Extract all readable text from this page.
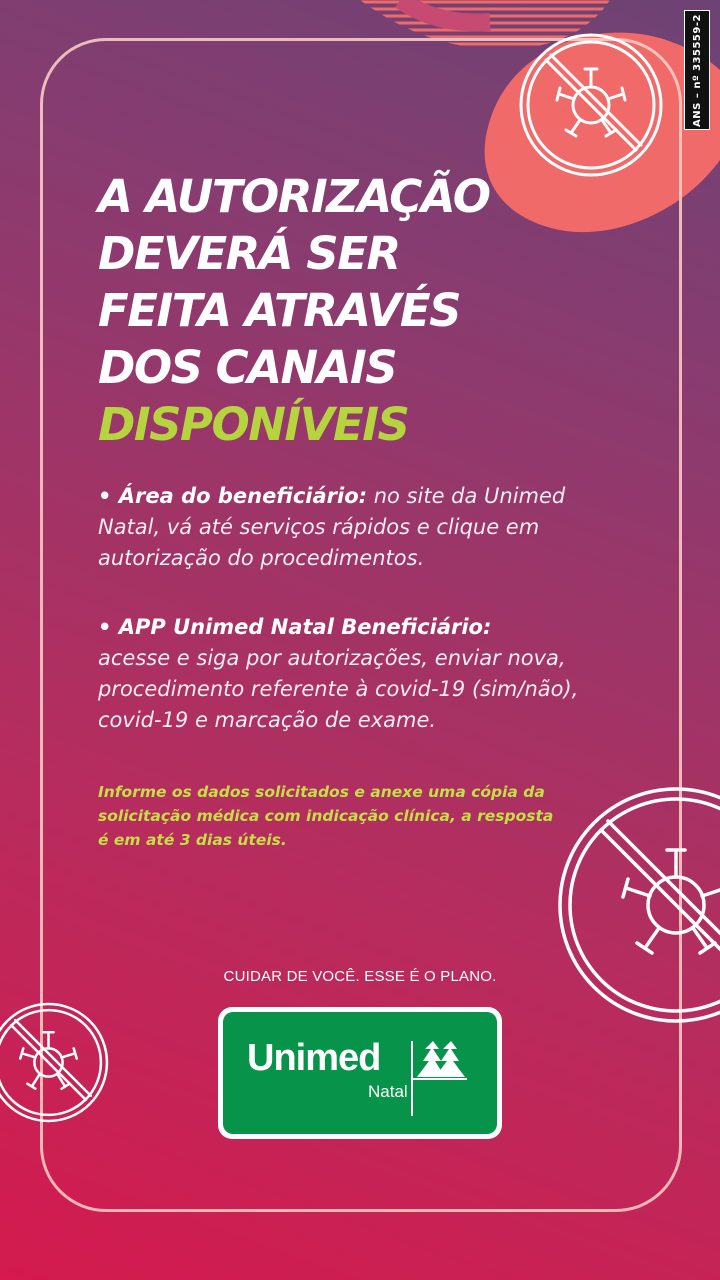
ANS – nº 335559-2
A AUTORIZAÇÃO
DEVERÁ SER
FEITA ATRAVÉS
DOS CANAIS
DISPONÍVEIS
• Área do beneficiário: no site da Unimed Natal, vá até serviços rápidos e clique em autorização do procedimentos.
• APP Unimed Natal Beneficiário:
acesse e siga por autorizações, enviar nova, procedimento referente à covid-19 (sim/não), covid-19 e marcação de exame.
Informe os dados solicitados e anexe uma cópia da solicitação médica com indicação clínica, a resposta é em até 3 dias úteis.
CUIDAR DE VOCÊ. ESSE É O PLANO.
Unimed
Natal
